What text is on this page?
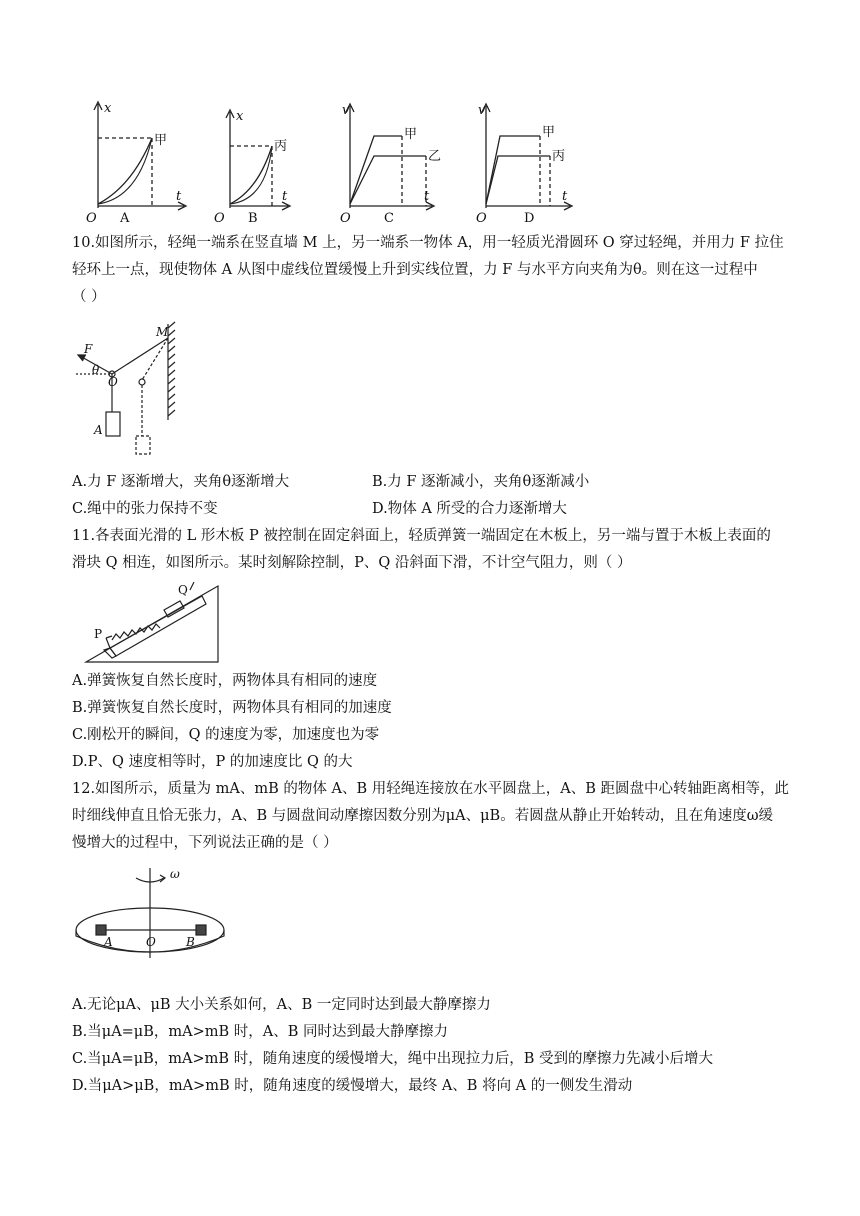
x
甲
O
t
A
x
丙
O
t
B
v
甲
乙
O
t
C
v
甲
丙
O
t
D
10.如图所示，轻绳一端系在竖直墙 M 上，另一端系一物体 A，用一轻质光滑圆环 O 穿过轻绳，并用力 F 拉住
轻环上一点，现使物体 A 从图中虚线位置缓慢上升到实线位置，力 F 与水平方向夹角为θ。则在这一过程中
（ ）
F
θ
O
M
A
A.力 F 逐渐增大，夹角θ逐渐增大	B.力 F 逐渐减小，夹角θ逐渐减小
C.绳中的张力保持不变	D.物体 A 所受的合力逐渐增大
11.各表面光滑的 L 形木板 P 被控制在固定斜面上，轻质弹簧一端固定在木板上，另一端与置于木板上表面的
滑块 Q 相连，如图所示。某时刻解除控制，P、Q 沿斜面下滑，不计空气阻力，则（ ）
P
Q
A.弹簧恢复自然长度时，两物体具有相同的速度
B.弹簧恢复自然长度时，两物体具有相同的加速度
C.刚松开的瞬间，Q 的速度为零，加速度也为零
D.P、Q 速度相等时，P 的加速度比 Q 的大
12.如图所示，质量为 mA、mB 的物体 A、B 用轻绳连接放在水平圆盘上，A、B 距圆盘中心转轴距离相等，此
时细线伸直且恰无张力，A、B 与圆盘间动摩擦因数分别为μA、μB。若圆盘从静止开始转动，且在角速度ω缓
慢增大的过程中，下列说法正确的是（ ）
ω
A	O	B
A.无论μA、μB 大小关系如何，A、B 一定同时达到最大静摩擦力
B.当μA=μB，mA>mB 时，A、B 同时达到最大静摩擦力
C.当μA=μB，mA>mB 时，随角速度的缓慢增大，绳中出现拉力后，B 受到的摩擦力先减小后增大
D.当μA>μB，mA>mB 时，随角速度的缓慢增大，最终 A、B 将向 A 的一侧发生滑动
